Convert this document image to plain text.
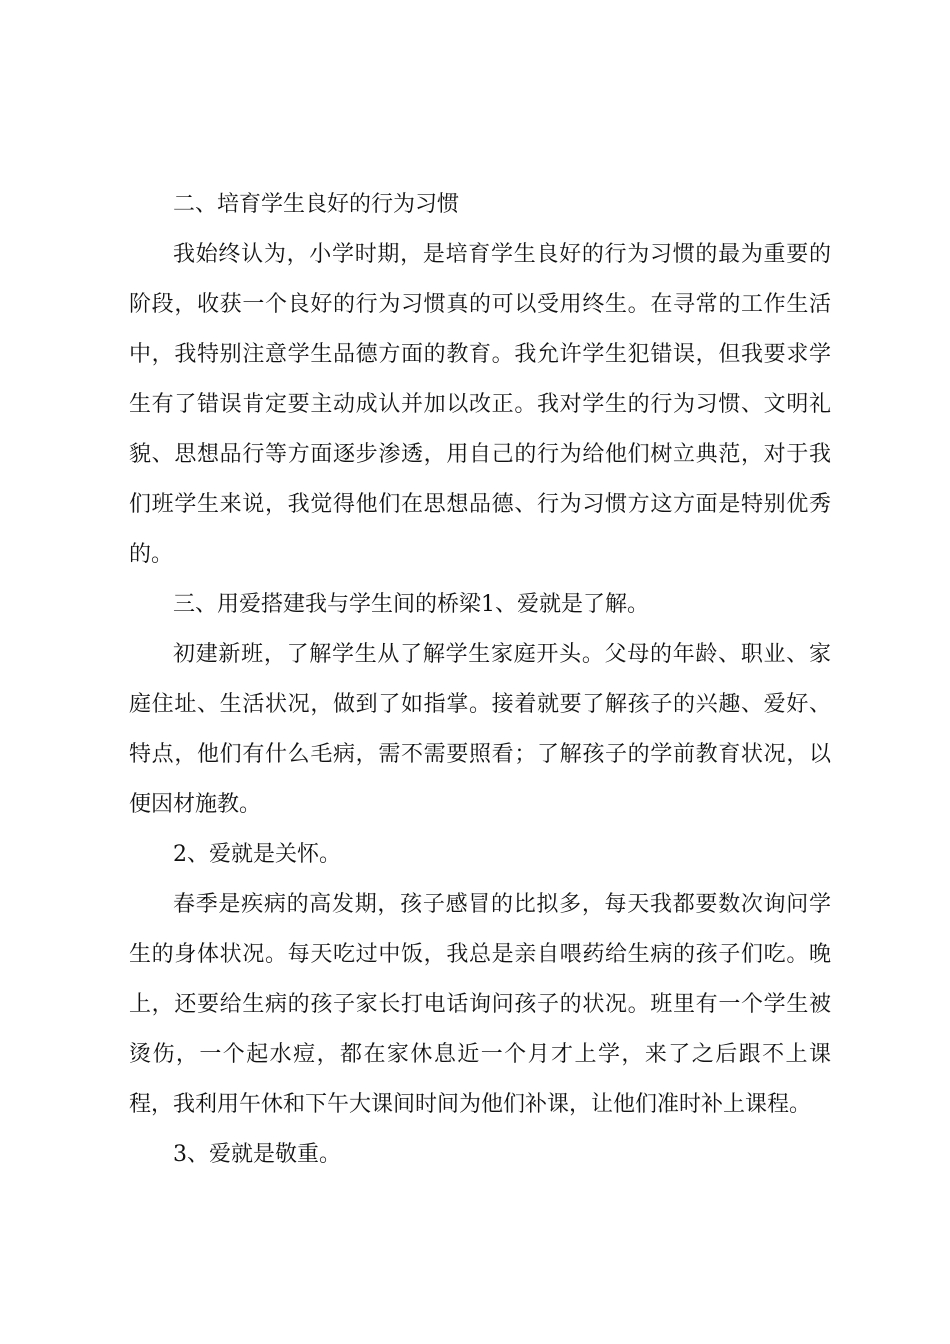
二、培育学生良好的行为习惯

我始终认为，小学时期，是培育学生良好的行为习惯的最为重要的阶段，收获一个良好的行为习惯真的可以受用终生。在寻常的工作生活中，我特别注意学生品德方面的教育。我允许学生犯错误，但我要求学生有了错误肯定要主动成认并加以改正。我对学生的行为习惯、文明礼貌、思想品行等方面逐步渗透，用自己的行为给他们树立典范，对于我们班学生来说，我觉得他们在思想品德、行为习惯方这方面是特别优秀的。

三、用爱搭建我与学生间的桥梁1、爱就是了解。

初建新班，了解学生从了解学生家庭开头。父母的年龄、职业、家庭住址、生活状况，做到了如指掌。接着就要了解孩子的兴趣、爱好、特点，他们有什么毛病，需不需要照看；了解孩子的学前教育状况，以便因材施教。

2、爱就是关怀。

春季是疾病的高发期，孩子感冒的比拟多，每天我都要数次询问学生的身体状况。每天吃过中饭，我总是亲自喂药给生病的孩子们吃。晚上，还要给生病的孩子家长打电话询问孩子的状况。班里有一个学生被烫伤，一个起水痘，都在家休息近一个月才上学，来了之后跟不上课程，我利用午休和下午大课间时间为他们补课，让他们准时补上课程。

3、爱就是敬重。
